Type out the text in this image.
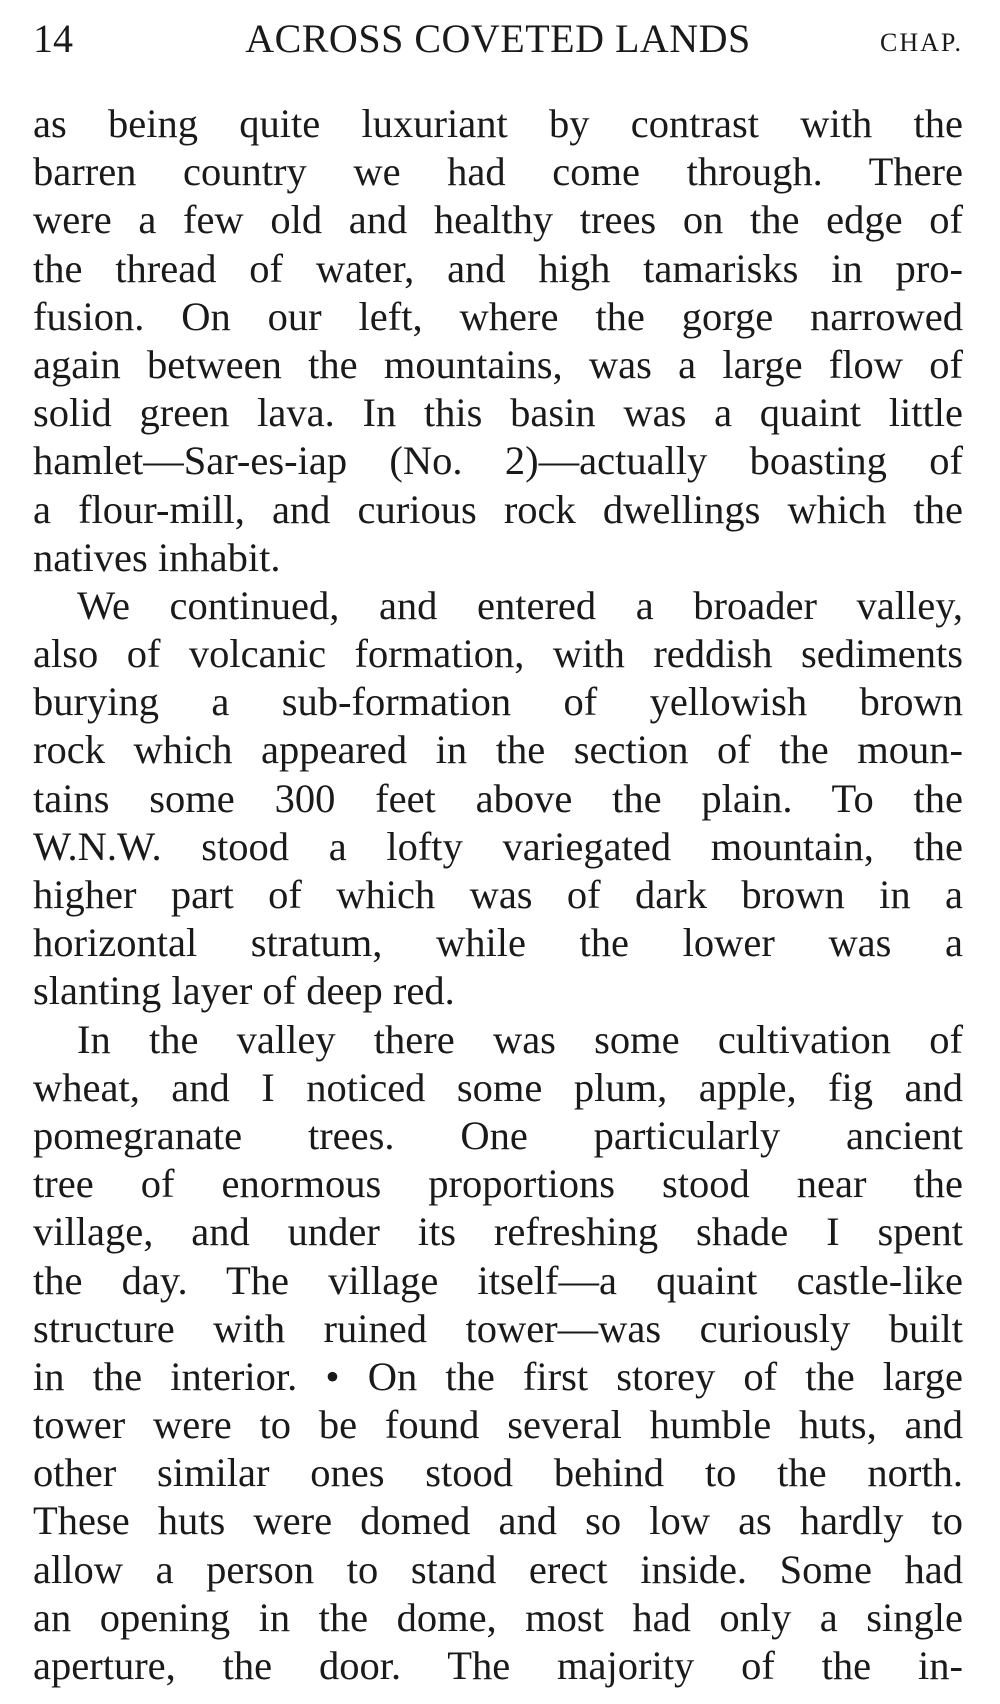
14	ACROSS COVETED LANDS	CHAP.
as being quite luxuriant by contrast with the
barren country we had come through. There
were a few old and healthy trees on the edge of
the thread of water, and high tamarisks in pro-
fusion. On our left, where the gorge narrowed
again between the mountains, was a large flow of
solid green lava. In this basin was a quaint little
hamlet—Sar-es-iap (No. 2)—actually boasting of
a flour-mill, and curious rock dwellings which the
natives inhabit.
We continued, and entered a broader valley,
also of volcanic formation, with reddish sediments
burying a sub-formation of yellowish brown
rock which appeared in the section of the moun-
tains some 300 feet above the plain. To the
W.N.W. stood a lofty variegated mountain, the
higher part of which was of dark brown in a
horizontal stratum, while the lower was a
slanting layer of deep red.
In the valley there was some cultivation of
wheat, and I noticed some plum, apple, fig and
pomegranate trees. One particularly ancient
tree of enormous proportions stood near the
village, and under its refreshing shade I spent
the day. The village itself—a quaint castle-like
structure with ruined tower—was curiously built
in the interior. • On the first storey of the large
tower were to be found several humble huts, and
other similar ones stood behind to the north.
These huts were domed and so low as hardly to
allow a person to stand erect inside. Some had
an opening in the dome, most had only a single
aperture, the door. The majority of the in-
